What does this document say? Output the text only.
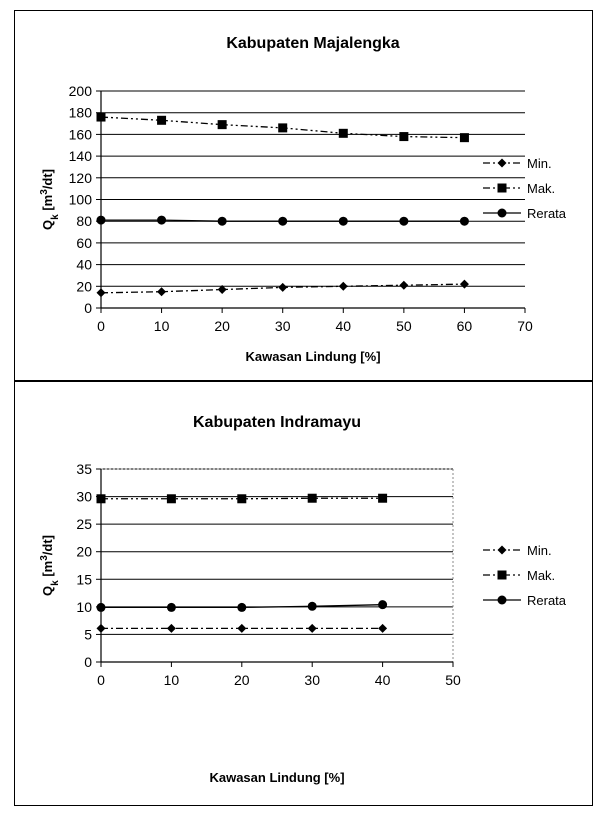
Kabupaten Majalengka
0
20
40
60
80
100
120
140
160
180
200
0	10	20	30	40	50	60	70
Kawasan Lindung [%]
$Q_k$ $[m^3/dt]$
Min.
Mak.
Rerata
Kabupaten Indramayu
0
5
10
15
20
25
30
35
0	10	20	30	40	50
Kawasan Lindung [%]
$Q_k$ $[m^3/dt]$	Min.
Mak.
Rerata
